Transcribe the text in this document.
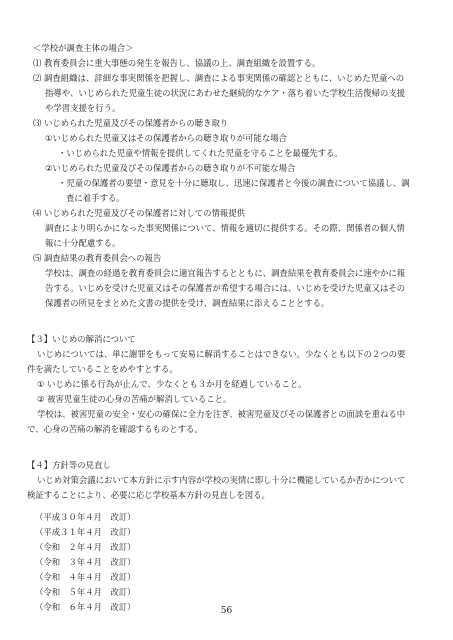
＜学校が調査主体の場合＞
⑴ 教育委員会に重大事態の発生を報告し、協議の上、調査組織を設置する。
⑵ 調査組織は、詳細な事実関係を把握し、調査による事実関係の確認とともに、いじめた児童への
指導や、いじめられた児童生徒の状況にあわせた継続的なケア・落ち着いた学校生活復帰の支援
や学習支援を行う。
⑶ いじめられた児童及びその保護者からの聴き取り
①いじめられた児童又はその保護者からの聴き取りが可能な場合
・いじめられた児童や情報を提供してくれた児童を守ることを最優先する。
②いじめられた児童及びその保護者からの聴き取りが不可能な場合
・児童の保護者の要望・意見を十分に聴取し、迅速に保護者と今後の調査について協議し、調
査に着手する。
⑷ いじめられた児童及びその保護者に対しての情報提供
調査により明らかになった事実関係について、情報を適切に提供する。その際、関係者の個人情
報に十分配慮する。
⑸ 調査結果の教育委員会への報告
学校は、調査の経過を教育委員会に適宜報告するとともに、調査結果を教育委員会に速やかに報
告する。いじめを受けた児童又はその保護者が希望する場合には、いじめを受けた児童又はその
保護者の所見をまとめた文書の提供を受け、調査結果に添えることとする。
【３】いじめの解消について
いじめについては、単に謝罪をもって安易に解消することはできない。少なくとも以下の２つの要
件を満たしていることをめやすとする。
① いじめに係る行為が止んで、少なくとも３か月を経過していること。
② 被害児童生徒の心身の苦痛が解消していること。
学校は、被害児童の安全・安心の確保に全力を注ぎ、被害児童及びその保護者との面談を重ねる中
で、心身の苦痛の解消を確認するものとする。
【４】方針等の見直し
いじめ対策会議において本方針に示す内容が学校の実情に即し十分に機能しているか否かについて
検証することにより、必要に応じ学校基本方針の見直しを図る。
（平成３０年４月　改訂）
（平成３１年４月　改訂）
（令和　２年４月　改訂）
（令和　３年４月　改訂）
（令和　４年４月　改訂）
（令和　５年４月　改訂）
（令和　６年４月　改訂）	56
